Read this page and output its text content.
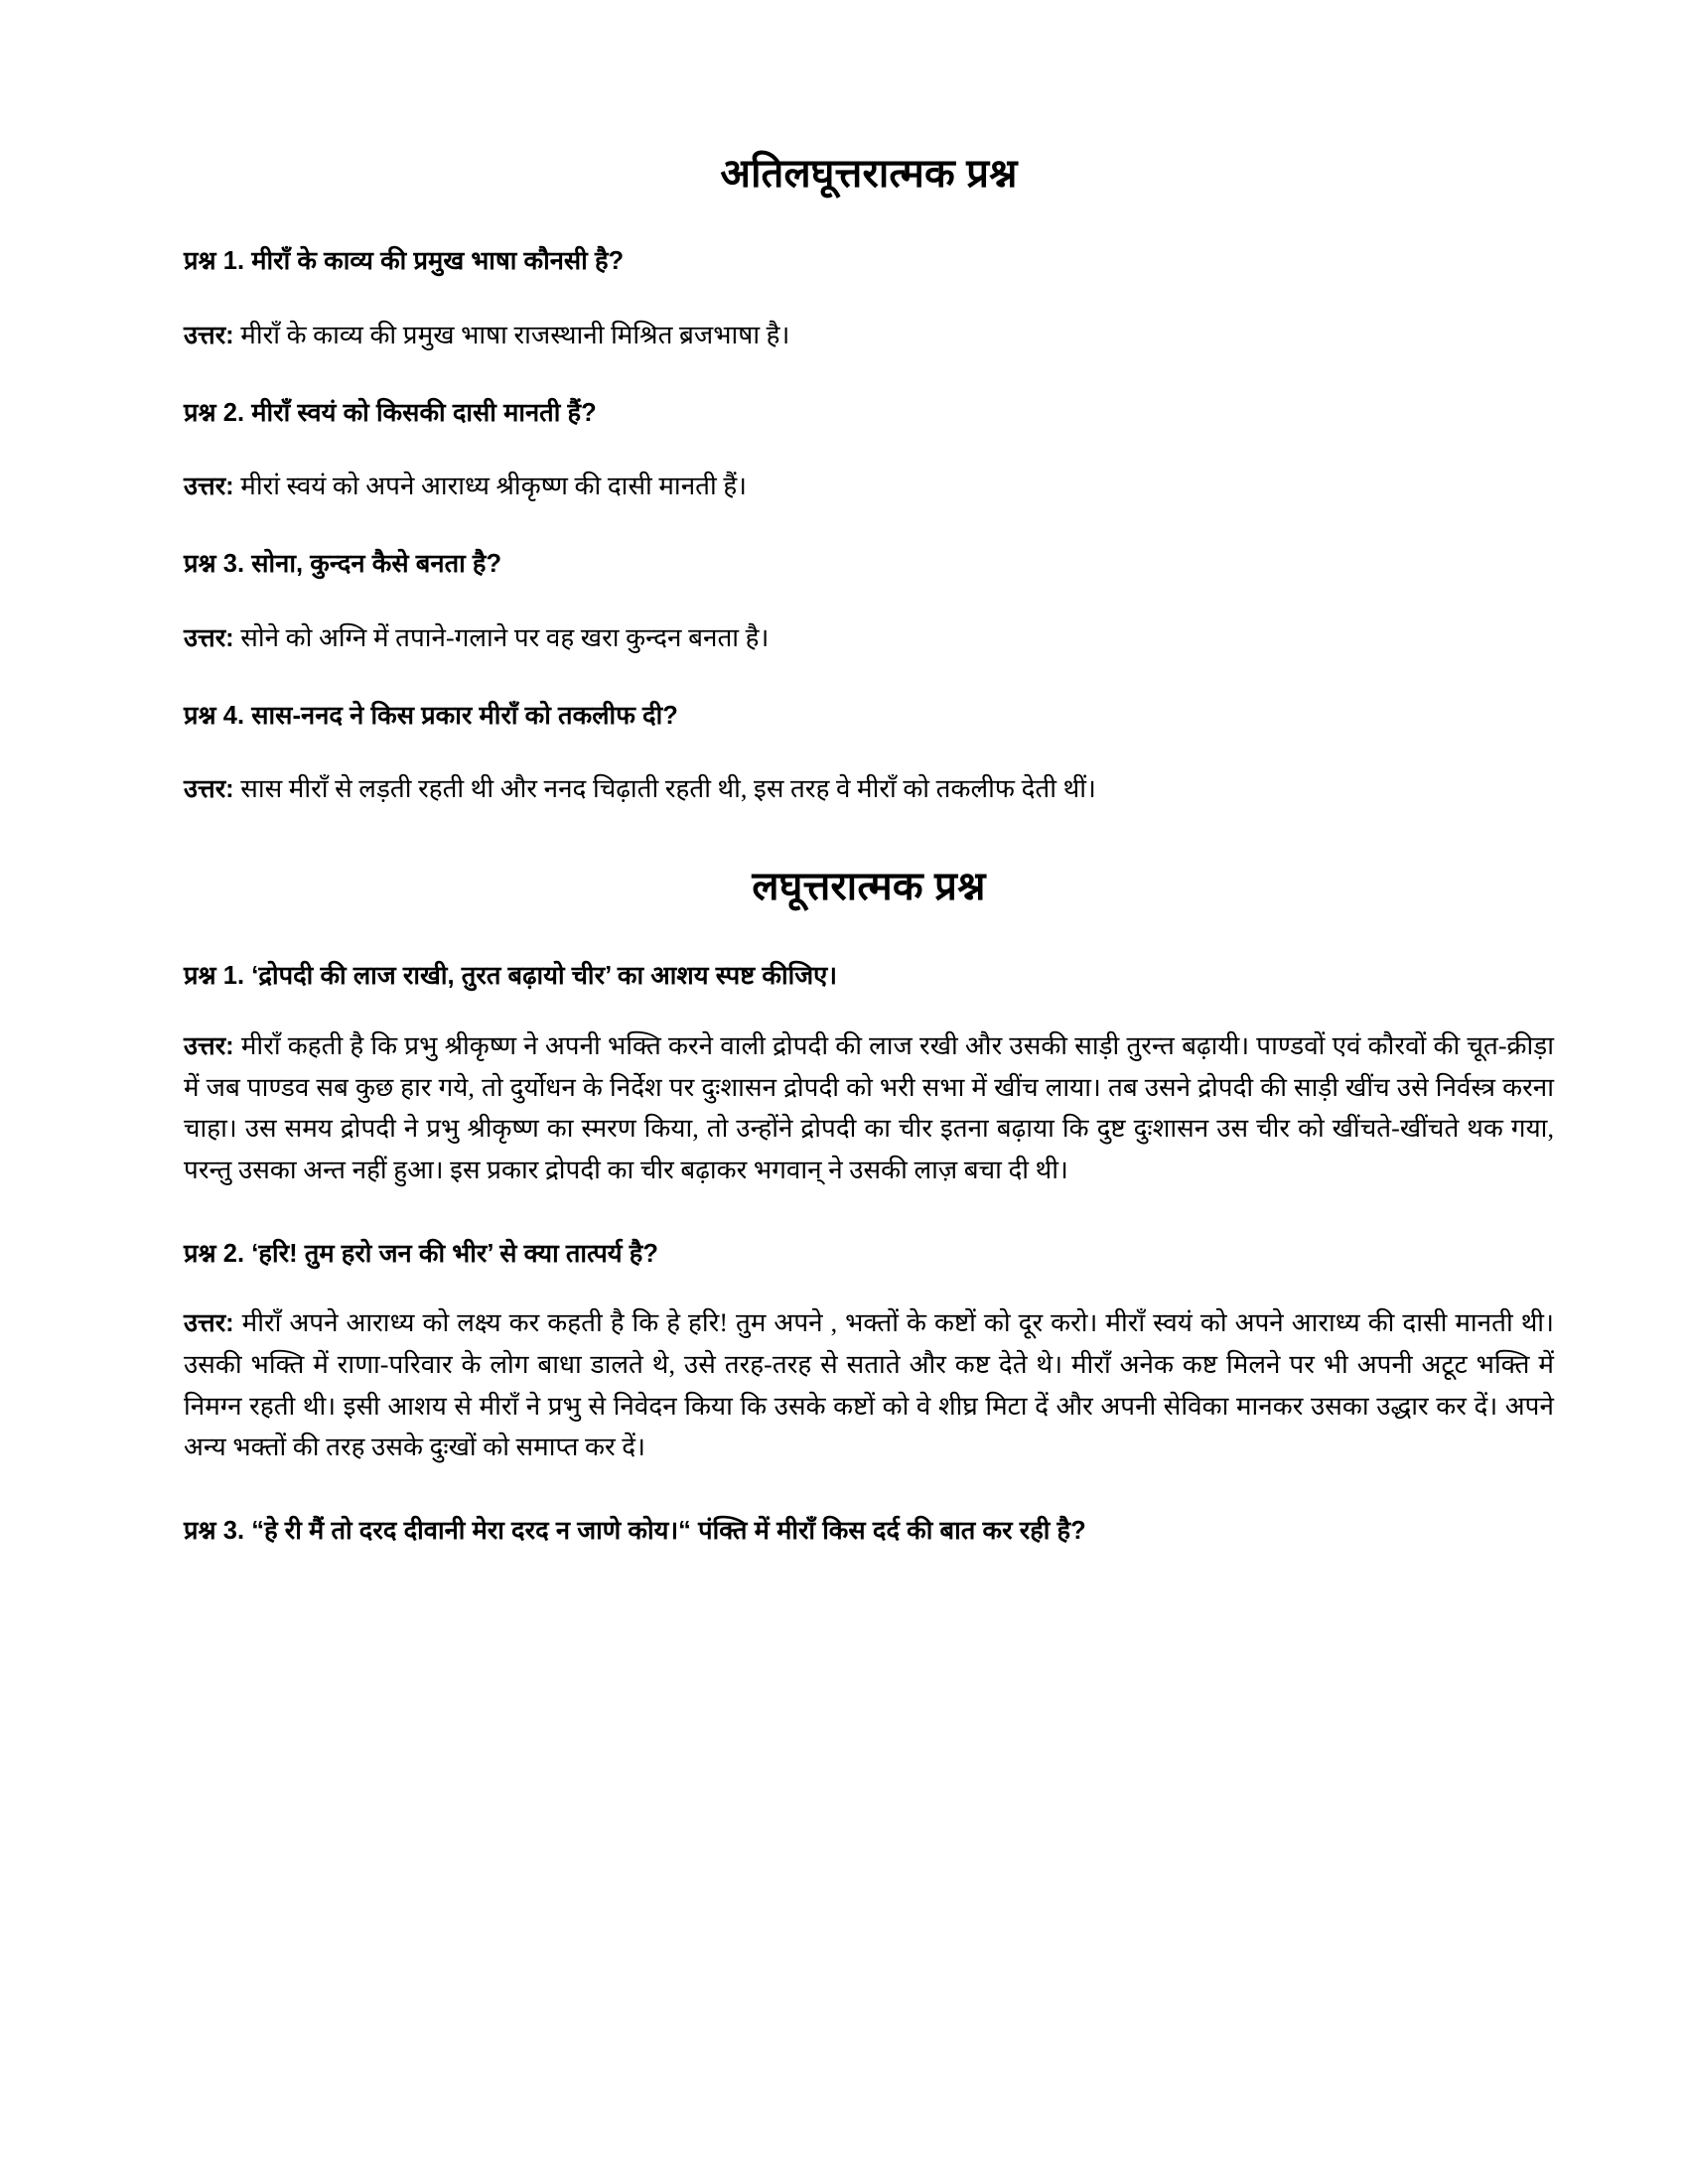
अतिलघूत्तरात्मक प्रश्न

प्रश्न 1. मीराँ के काव्य की प्रमुख भाषा कौनसी है?

उत्तर: मीराँ के काव्य की प्रमुख भाषा राजस्थानी मिश्रित ब्रजभाषा है।

प्रश्न 2. मीराँ स्वयं को किसकी दासी मानती हैं?

उत्तर: मीरां स्वयं को अपने आराध्य श्रीकृष्ण की दासी मानती हैं।

प्रश्न 3. सोना, कुन्दन कैसे बनता है?

उत्तर: सोने को अग्नि में तपाने-गलाने पर वह खरा कुन्दन बनता है।

प्रश्न 4. सास-ननद ने किस प्रकार मीराँ को तकलीफ दी?

उत्तर: सास मीराँ से लड़ती रहती थी और ननद चिढ़ाती रहती थी, इस तरह वे मीराँ को तकलीफ देती थीं।

लघूत्तरात्मक प्रश्न

प्रश्न 1. ‘द्रोपदी की लाज राखी, तुरत बढ़ायो चीर’ का आशय स्पष्ट कीजिए।

उत्तर: मीराँ कहती है कि प्रभु श्रीकृष्ण ने अपनी भक्ति करने वाली द्रोपदी की लाज रखी और उसकी साड़ी तुरन्त बढ़ायी। पाण्डवों एवं कौरवों की चूत-क्रीड़ा में जब पाण्डव सब कुछ हार गये, तो दुर्योधन के निर्देश पर दुःशासन द्रोपदी को भरी सभा में खींच लाया। तब उसने द्रोपदी की साड़ी खींच उसे निर्वस्त्र करना चाहा। उस समय द्रोपदी ने प्रभु श्रीकृष्ण का स्मरण किया, तो उन्होंने द्रोपदी का चीर इतना बढ़ाया कि दुष्ट दुःशासन उस चीर को खींचते-खींचते थक गया, परन्तु उसका अन्त नहीं हुआ। इस प्रकार द्रोपदी का चीर बढ़ाकर भगवान् ने उसकी लाज़ बचा दी थी।

प्रश्न 2. ‘हरि! तुम हरो जन की भीर’ से क्या तात्पर्य है?

उत्तर: मीराँ अपने आराध्य को लक्ष्य कर कहती है कि हे हरि! तुम अपने , भक्तों के कष्टों को दूर करो। मीराँ स्वयं को अपने आराध्य की दासी मानती थी। उसकी भक्ति में राणा-परिवार के लोग बाधा डालते थे, उसे तरह-तरह से सताते और कष्ट देते थे। मीराँ अनेक कष्ट मिलने पर भी अपनी अटूट भक्ति में निमग्न रहती थी। इसी आशय से मीराँ ने प्रभु से निवेदन किया कि उसके कष्टों को वे शीघ्र मिटा दें और अपनी सेविका मानकर उसका उद्धार कर दें। अपने अन्य भक्तों की तरह उसके दुःखों को समाप्त कर दें।

प्रश्न 3. “हे री मैं तो दरद दीवानी मेरा दरद न जाणे कोय।“ पंक्ति में मीराँ किस दर्द की बात कर रही है?
